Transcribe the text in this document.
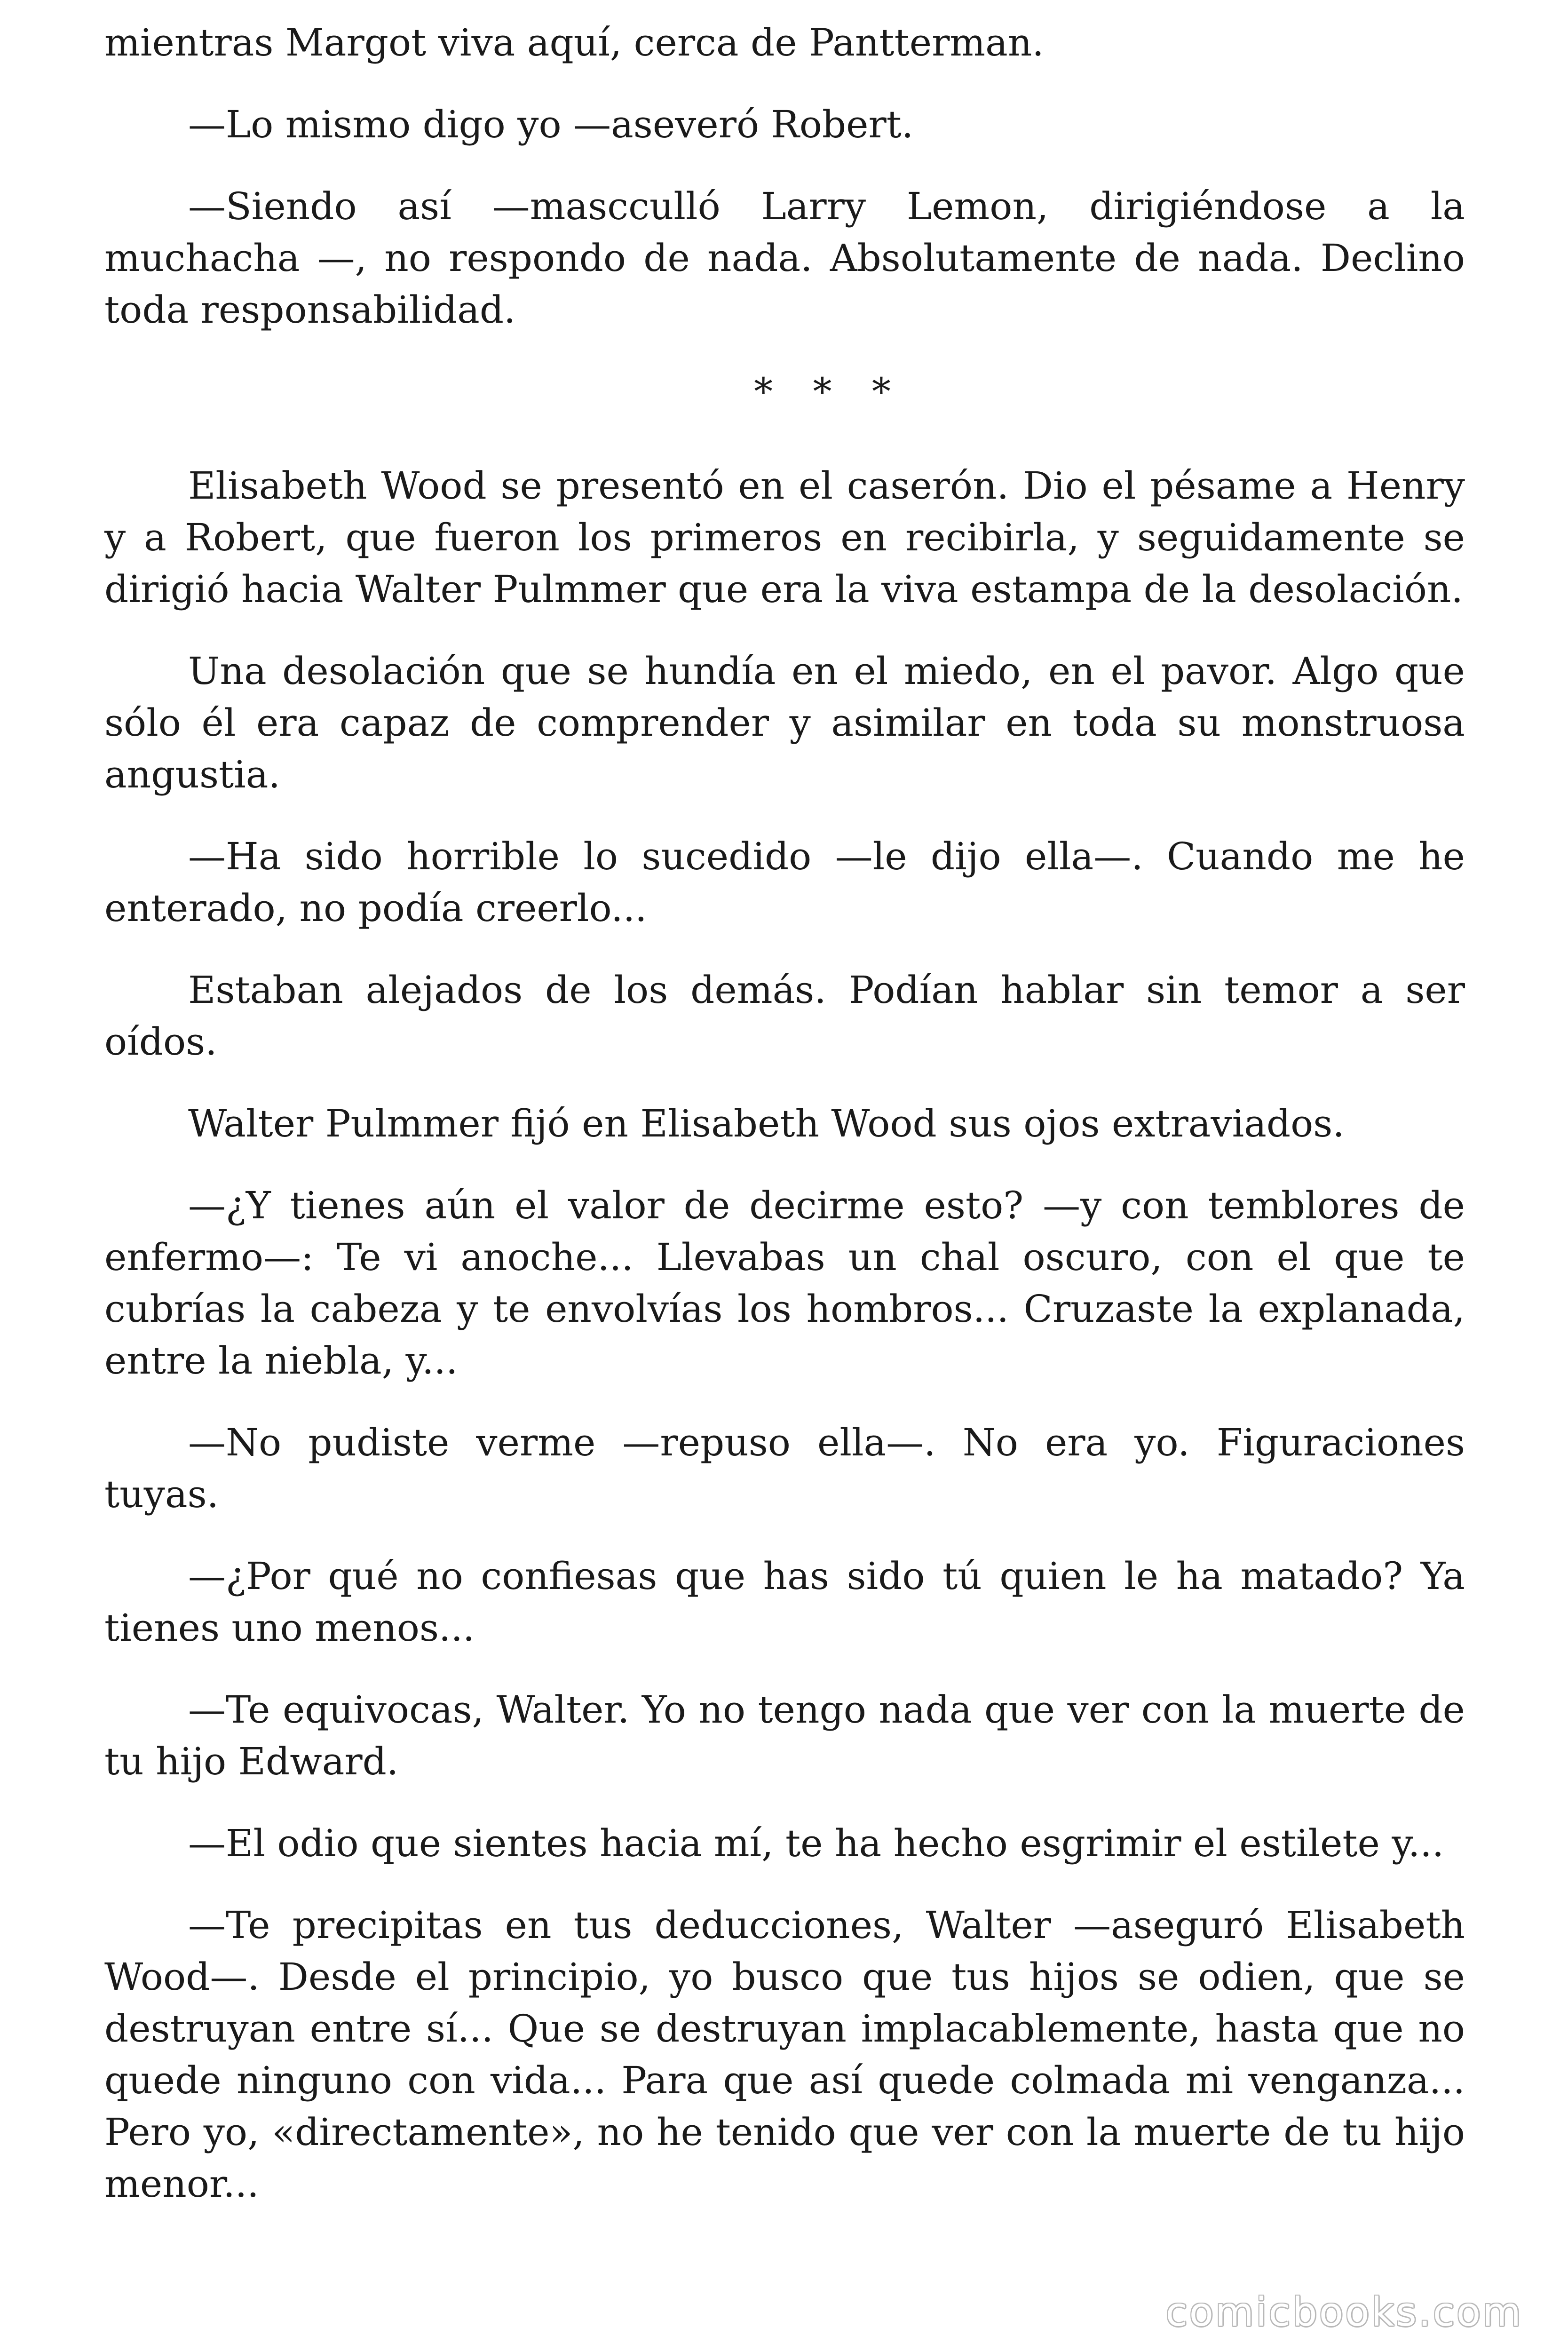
mientras Margot viva aquí, cerca de Pantterman.

—Lo mismo digo yo —aseveró Robert.

—Siendo así —mascculló Larry Lemon, dirigiéndose a la muchacha —, no respondo de nada. Absolutamente de nada. Declino toda responsabilidad.

* * *

Elisabeth Wood se presentó en el caserón. Dio el pésame a Henry y a Robert, que fueron los primeros en recibirla, y seguidamente se dirigió hacia Walter Pulmmer que era la viva estampa de la desolación.

Una desolación que se hundía en el miedo, en el pavor. Algo que sólo él era capaz de comprender y asimilar en toda su monstruosa angustia.

—Ha sido horrible lo sucedido —le dijo ella—. Cuando me he enterado, no podía creerlo...

Estaban alejados de los demás. Podían hablar sin temor a ser oídos.

Walter Pulmmer fijó en Elisabeth Wood sus ojos extraviados.

—¿Y tienes aún el valor de decirme esto? —y con temblores de enfermo—: Te vi anoche... Llevabas un chal oscuro, con el que te cubrías la cabeza y te envolvías los hombros... Cruzaste la explanada, entre la niebla, y...

—No pudiste verme —repuso ella—. No era yo. Figuraciones tuyas.

—¿Por qué no confiesas que has sido tú quien le ha matado? Ya tienes uno menos...

—Te equivocas, Walter. Yo no tengo nada que ver con la muerte de tu hijo Edward.

—El odio que sientes hacia mí, te ha hecho esgrimir el estilete y...

—Te precipitas en tus deducciones, Walter —aseguró Elisabeth Wood—. Desde el principio, yo busco que tus hijos se odien, que se destruyan entre sí... Que se destruyan implacablemente, hasta que no quede ninguno con vida... Para que así quede colmada mi venganza... Pero yo, «directamente», no he tenido que ver con la muerte de tu hijo menor...

comicbooks.com
